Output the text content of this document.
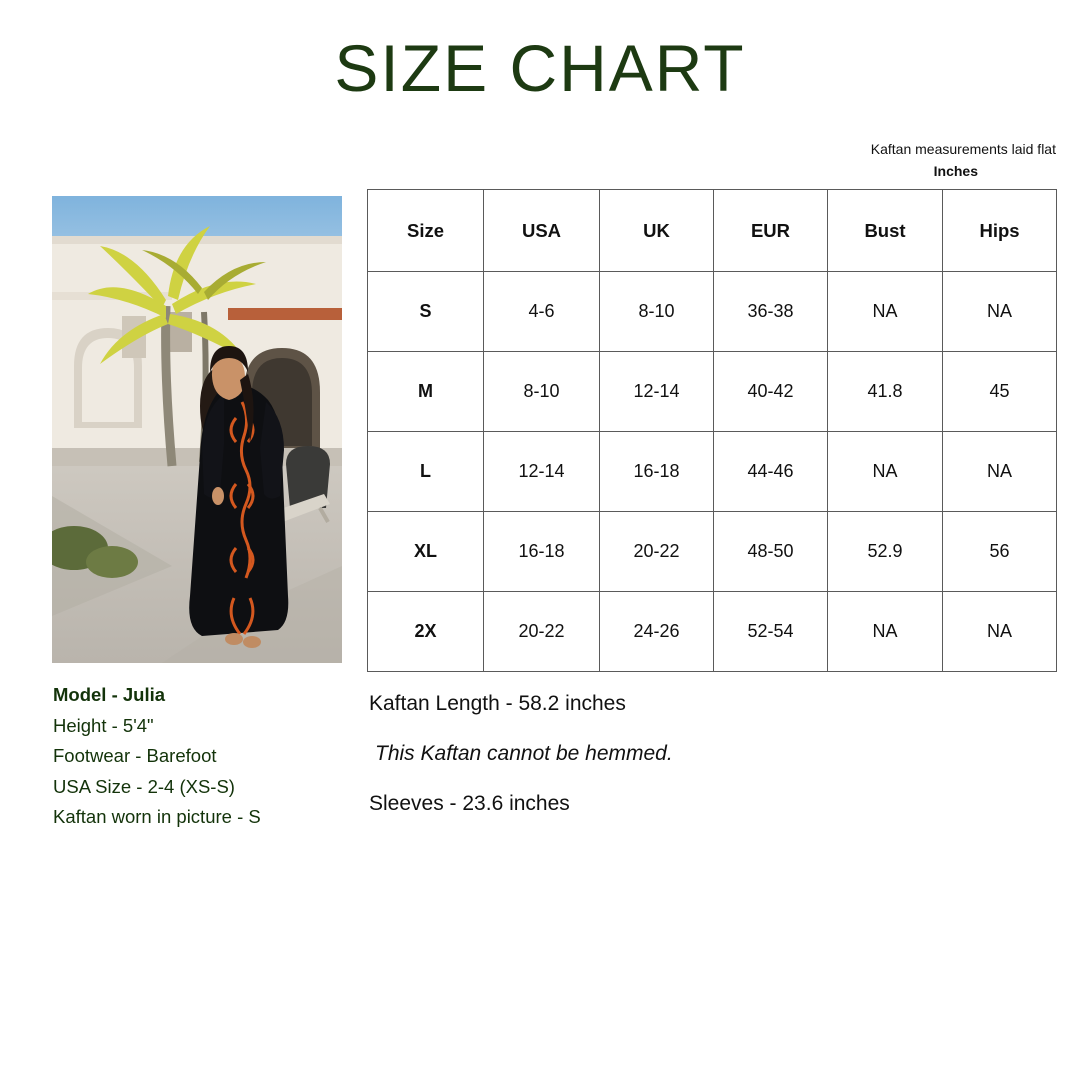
SIZE CHART
Kaftan measurements laid flat
Inches
Model - Julia
Height - 5'4"
Footwear - Barefoot
USA Size - 2-4 (XS-S)
Kaftan worn in picture - S
Size	USA	UK	EUR	Bust	Hips
S	4-6	8-10	36-38	NA	NA
M	8-10	12-14	40-42	41.8	45
L	12-14	16-18	44-46	NA	NA
XL	16-18	20-22	48-50	52.9	56
2X	20-22	24-26	52-54	NA	NA
Kaftan Length - 58.2 inches
This Kaftan cannot be hemmed.
Sleeves - 23.6 inches
